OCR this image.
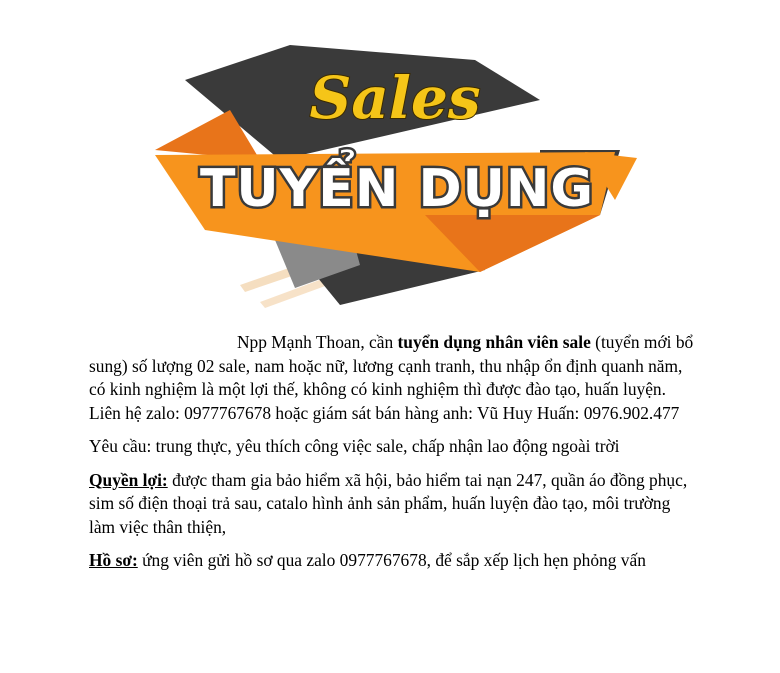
Sales
TUYỂN DỤNG

Npp Mạnh Thoan, cần tuyển dụng nhân viên sale (tuyển mới bổ sung) số lượng 02 sale, nam hoặc nữ, lương cạnh tranh, thu nhập ổn định quanh năm, có kinh nghiệm là một lợi thế, không có kinh nghiệm thì được đào tạo, huấn luyện. Liên hệ zalo: 0977767678 hoặc giám sát bán hàng anh: Vũ Huy Huấn: 0976.902.477

Yêu cầu: trung thực, yêu thích công việc sale, chấp nhận lao động ngoài trời

Quyền lợi: được tham gia bảo hiểm xã hội, bảo hiểm tai nạn 247, quần áo đồng phục, sim số điện thoại trả sau, catalo hình ảnh sản phẩm, huấn luyện đào tạo, môi trường làm việc thân thiện,

Hồ sơ: ứng viên gửi hồ sơ qua zalo 0977767678, để sắp xếp lịch hẹn phỏng vấn
